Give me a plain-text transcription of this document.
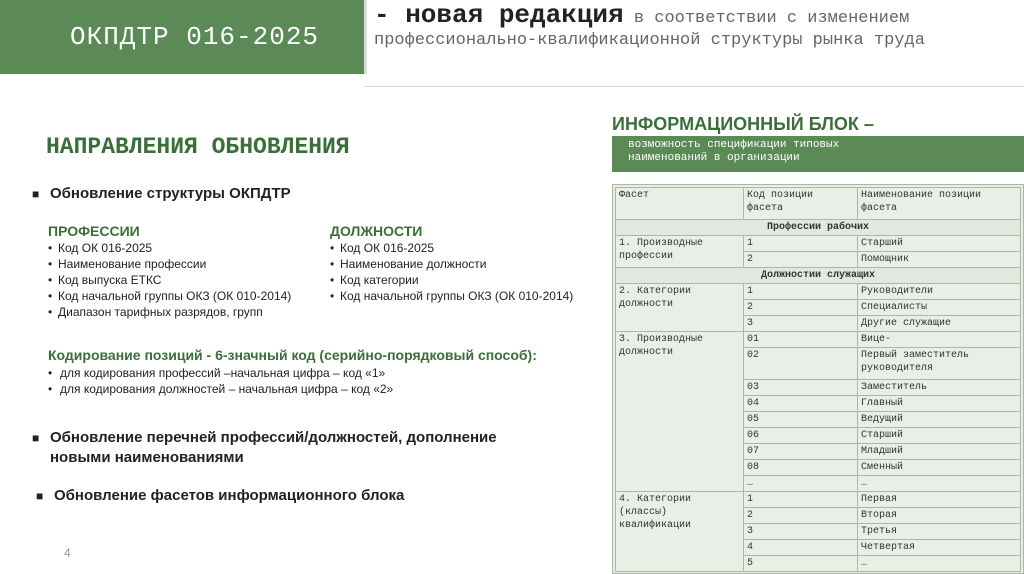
ОКПДТР 016-2025
- новая редакция в соответствии с изменением профессионально-квалификационной структуры рынка труда
НАПРАВЛЕНИЯ ОБНОВЛЕНИЯ
■ Обновление структуры ОКПДТР
ПРОФЕССИИ
• Код ОК 016-2025
• Наименование профессии
• Код выпуска ЕТКС
• Код начальной группы ОКЗ (ОК 010-2014)
• Диапазон тарифных разрядов, групп
ДОЛЖНОСТИ
• Код ОК 016-2025
• Наименование должности
• Код категории
• Код начальной группы ОКЗ (ОК 010-2014)
Кодирование позиций - 6-значный код (серийно-порядковый способ):
• для кодирования профессий –начальная цифра – код «1»
• для кодирования должностей – начальная цифра – код «2»
■ Обновление перечней профессий/должностей, дополнение
новыми наименованиями
■ Обновление фасетов информационного блока
4
ИНФОРМАЦИОННЫЙ БЛОК –
возможность спецификации типовых
наименований в организации
Фасет	Код позиции фасета	Наименование позиции фасета
Профессии рабочих		
1. Производные профессии	1	Старший
	2	Помощник
Должностии служащих		
2. Категории должности	1	Руководители
	2	Специалисты
	3	Другие служащие
3. Производные должности	01	Вице-
	02	Первый заместитель руководителя
	03	Заместитель
	04	Главный
	05	Ведущий
	06	Старший
	07	Младший
	08	Сменный
	…	…
4. Категории (классы) квалификации	1	Первая
	2	Вторая
	3	Третья
	4	Четвертая
	5	…
